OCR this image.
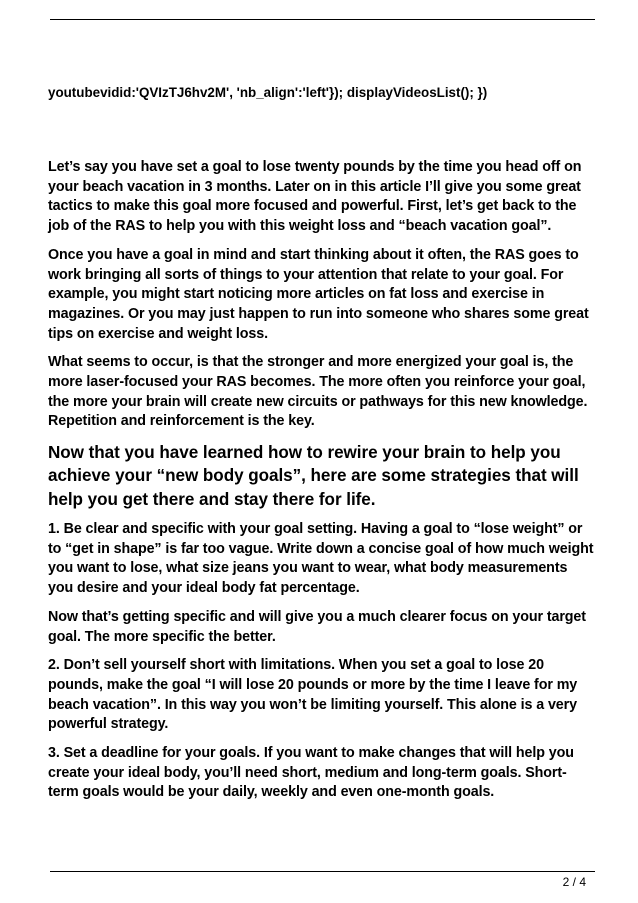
youtubevidid:'QVIzTJ6hv2M', 'nb_align':'left'}); displayVideosList(); })

Let’s say you have set a goal to lose twenty pounds by the time you head off on your beach vacation in 3 months. Later on in this article I’ll give you some great tactics to make this goal more focused and powerful. First, let’s get back to the job of the RAS to help you with this weight loss and “beach vacation goal”.

Once you have a goal in mind and start thinking about it often, the RAS goes to work bringing all sorts of things to your attention that relate to your goal. For example, you might start noticing more articles on fat loss and exercise in magazines. Or you may just happen to run into someone who shares some great tips on exercise and weight loss.

What seems to occur, is that the stronger and more energized your goal is, the more laser-focused your RAS becomes. The more often you reinforce your goal, the more your brain will create new circuits or pathways for this new knowledge. Repetition and reinforcement is the key.

Now that you have learned how to rewire your brain to help you achieve your “new body goals”, here are some strategies that will help you get there and stay there for life.

1. Be clear and specific with your goal setting. Having a goal to “lose weight” or to “get in shape” is far too vague. Write down a concise goal of how much weight you want to lose, what size jeans you want to wear, what body measurements you desire and your ideal body fat percentage.

Now that’s getting specific and will give you a much clearer focus on your target goal. The more specific the better.

2. Don’t sell yourself short with limitations. When you set a goal to lose 20 pounds, make the goal “I will lose 20 pounds or more by the time I leave for my beach vacation”. In this way you won’t be limiting yourself. This alone is a very powerful strategy.

3. Set a deadline for your goals. If you want to make changes that will help you create your ideal body, you’ll need short, medium and long-term goals. Short-term goals would be your daily, weekly and even one-month goals.

2 / 4
